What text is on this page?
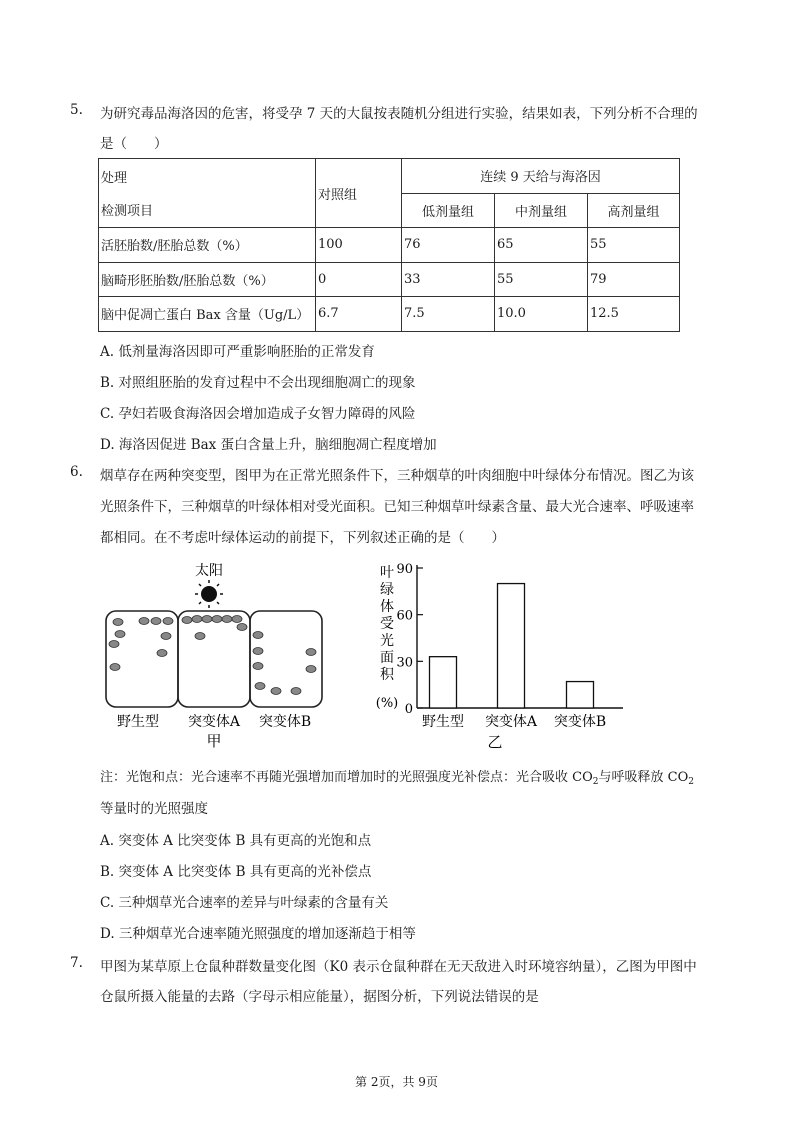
5. 为研究毒品海洛因的危害，将受孕 7 天的大鼠按表随机分组进行实验，结果如表，下列分析不合理的
是（　　）
处理
检测项目	对照组	连续 9 天给与海洛因		
		低剂量组	中剂量组	高剂量组
活胚胎数/胚胎总数（%）	100	76	65	55
脑畸形胚胎数/胚胎总数（%）	0	33	55	79
脑中促凋亡蛋白 Bax 含量（Ug/L）	6.7	7.5	10.0	12.5
A. 低剂量海洛因即可严重影响胚胎的正常发育
B. 对照组胚胎的发育过程中不会出现细胞凋亡的现象
C. 孕妇若吸食海洛因会增加造成子女智力障碍的风险
D. 海洛因促进 Bax 蛋白含量上升，脑细胞凋亡程度增加
6. 烟草存在两种突变型，图甲为在正常光照条件下，三种烟草的叶肉细胞中叶绿体分布情况。图乙为该
光照条件下，三种烟草的叶绿体相对受光面积。已知三种烟草叶绿素含量、最大光合速率、呼吸速率
都相同。在不考虑叶绿体运动的前提下，下列叙述正确的是（　　）
太阳
野生型 突变体A 突变体B
甲
叶
绿
体
受
光
面
积
(%) 0
30
60
90
野生型 突变体A 突变体B
乙
注：光饱和点：光合速率不再随光强增加而增加时的光照强度光补偿点：光合吸收 $CO_2$与呼吸释放 $CO_2$
等量时的光照强度
A. 突变体 A 比突变体 B 具有更高的光饱和点
B. 突变体 A 比突变体 B 具有更高的光补偿点
C. 三种烟草光合速率的差异与叶绿素的含量有关
D. 三种烟草光合速率随光照强度的增加逐渐趋于相等
7. 甲图为某草原上仓鼠种群数量变化图（K0 表示仓鼠种群在无天敌进入时环境容纳量），乙图为甲图中
仓鼠所摄入能量的去路（字母示相应能量），据图分析，下列说法错误的是
第 2页，共 9页
